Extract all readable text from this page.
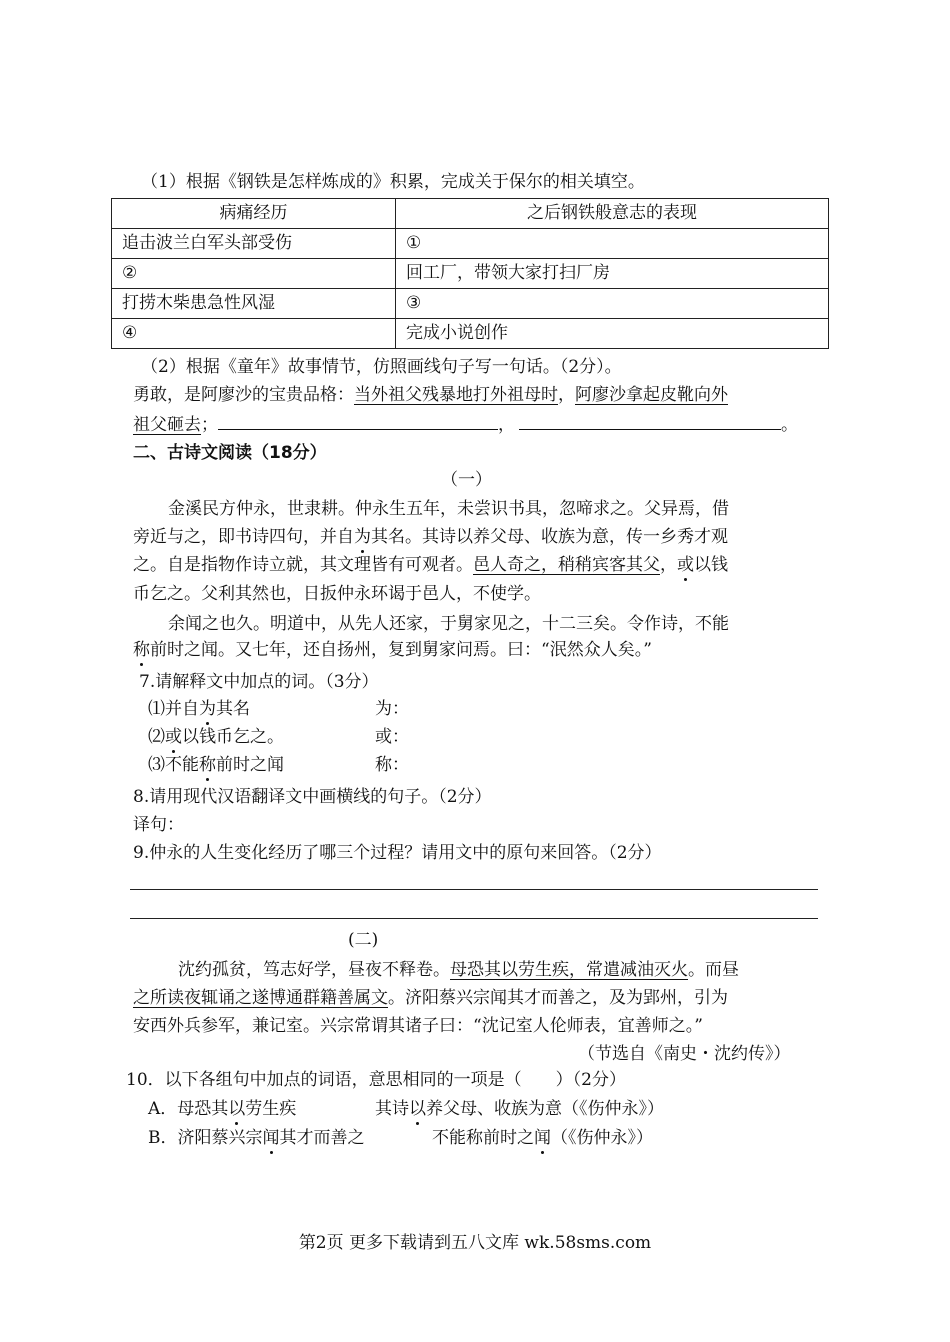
（1）根据《钢铁是怎样炼成的》积累，完成关于保尔的相关填空。
病痛经历	之后钢铁般意志的表现
追击波兰白军头部受伤	①
②	回工厂，带领大家打扫厂房
打捞木柴患急性风湿	③
④	完成小说创作
（2）根据《童年》故事情节，仿照画线句子写一句话。（2分）。
勇敢，是阿廖沙的宝贵品格：当外祖父残暴地打外祖母时，阿廖沙拿起皮靴向外
祖父砸去；	，	。
二、古诗文阅读（18分）
（一）
金溪民方仲永，世隶耕。仲永生五年，未尝识书具，忽啼求之。父异焉，借
旁近与之，即书诗四句，并自为其名。其诗以养父母、收族为意，传一乡秀才观
之。自是指物作诗立就，其文理皆有可观者。邑人奇之，稍稍宾客其父，或以钱
币乞之。父利其然也，日扳仲永环谒于邑人，不使学。
余闻之也久。明道中，从先人还家，于舅家见之，十二三矣。令作诗，不能
称前时之闻。又七年，还自扬州，复到舅家问焉。曰：“泯然众人矣。”
7.请解释文中加点的词。（3分）
⑴并自为其名	为：
⑵或以钱币乞之。	或：
⑶不能称前时之闻	称：
8.请用现代汉语翻译文中画横线的句子。（2分）
译句：
9.仲永的人生变化经历了哪三个过程？请用文中的原句来回答。（2分）
(二)
沈约孤贫，笃志好学，昼夜不释卷。母恐其以劳生疾，常遣减油灭火。而昼
之所读夜辄诵之遂博通群籍善属文。济阳蔡兴宗闻其才而善之，及为郢州，引为
安西外兵参军，兼记室。兴宗常谓其诸子曰：“沈记室人伦师表，宜善师之。”
（节选自《南史・沈约传》）
10．以下各组句中加点的词语，意思相同的一项是（　　）（2分）
A．母恐其以劳生疾	其诗以养父母、收族为意（《伤仲永》）
B．济阳蔡兴宗闻其才而善之	不能称前时之闻（《伤仲永》）
第2页 更多下载请到五八文库 wk.58sms.com
